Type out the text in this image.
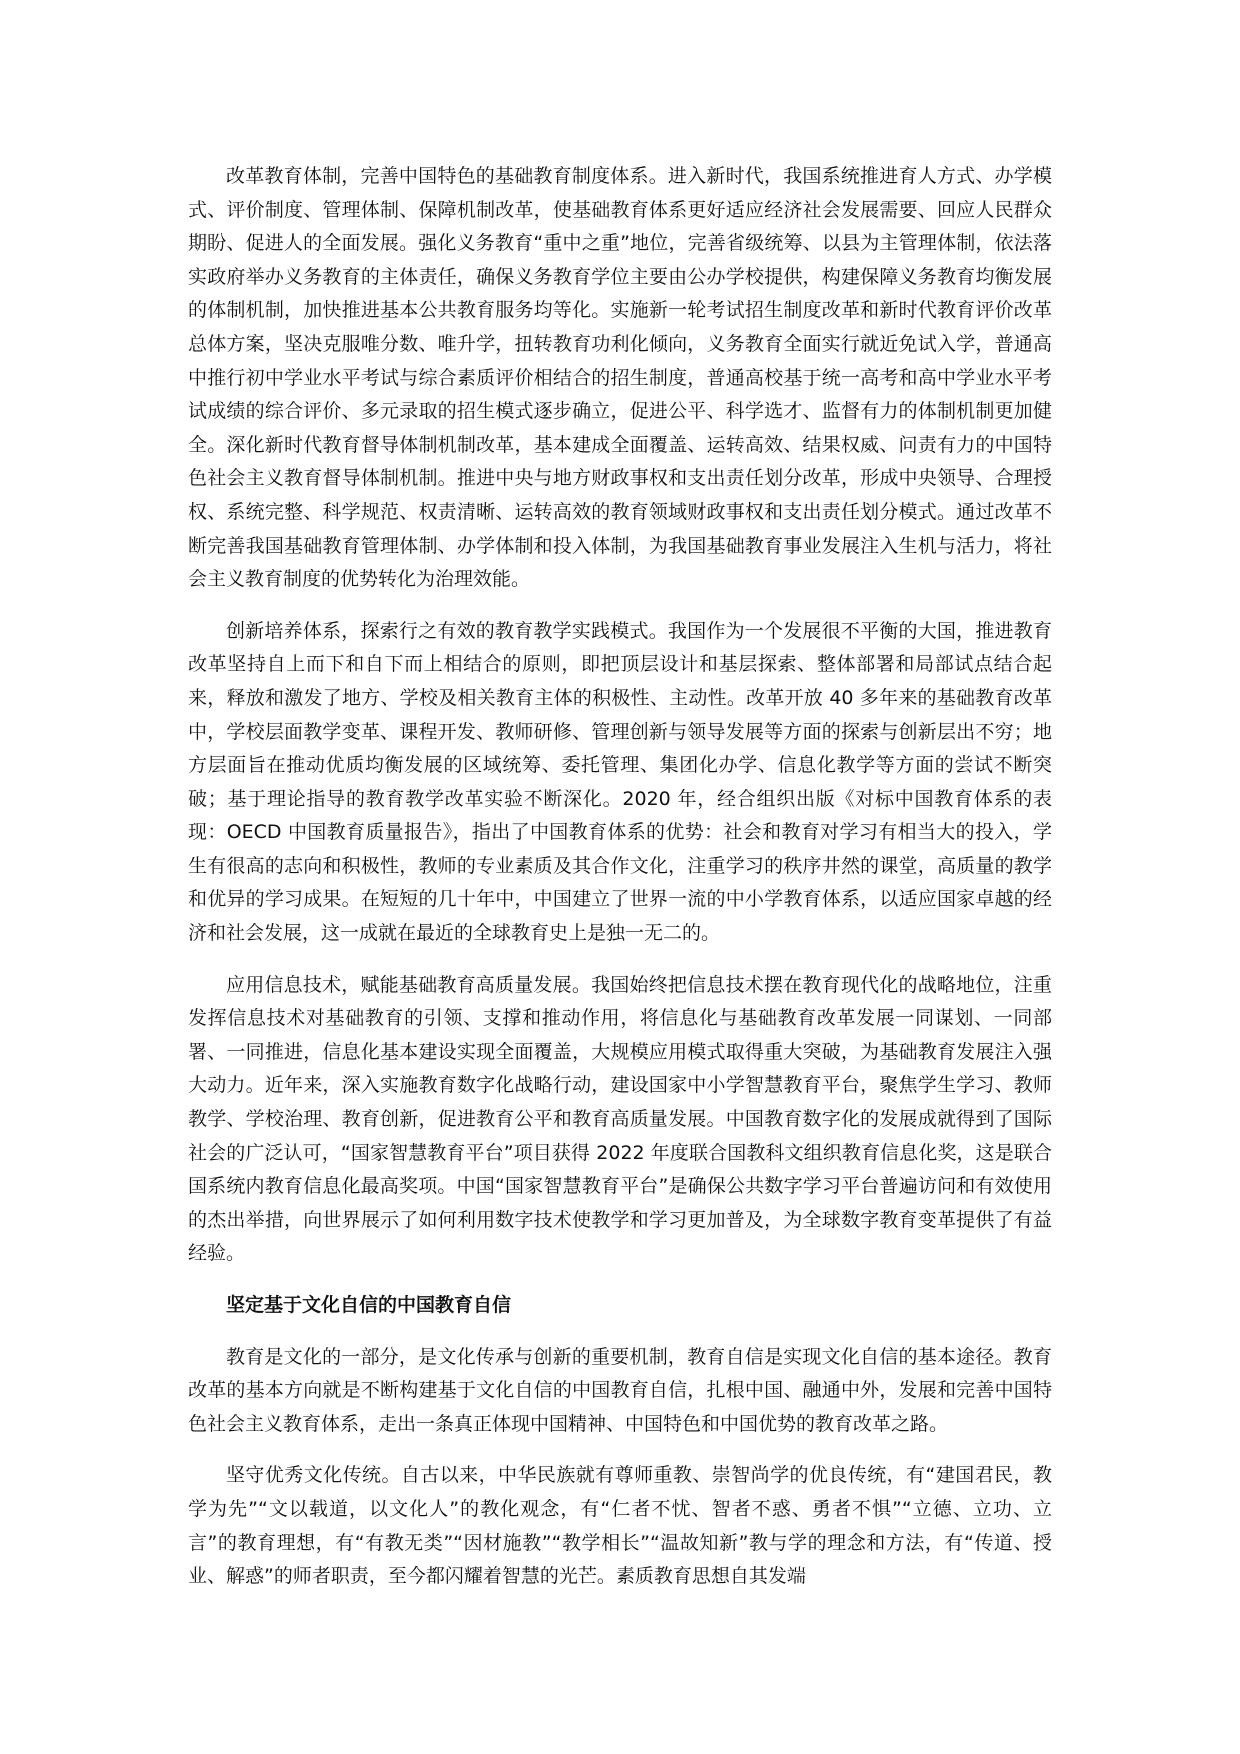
改革教育体制，完善中国特色的基础教育制度体系。进入新时代，我国系统推进育人方式、办学模式、评价制度、管理体制、保障机制改革，使基础教育体系更好适应经济社会发展需要、回应人民群众期盼、促进人的全面发展。强化义务教育“重中之重”地位，完善省级统筹、以县为主管理体制，依法落实政府举办义务教育的主体责任，确保义务教育学位主要由公办学校提供，构建保障义务教育均衡发展的体制机制，加快推进基本公共教育服务均等化。实施新一轮考试招生制度改革和新时代教育评价改革总体方案，坚决克服唯分数、唯升学，扭转教育功利化倾向，义务教育全面实行就近免试入学，普通高中推行初中学业水平考试与综合素质评价相结合的招生制度，普通高校基于统一高考和高中学业水平考试成绩的综合评价、多元录取的招生模式逐步确立，促进公平、科学选才、监督有力的体制机制更加健全。深化新时代教育督导体制机制改革，基本建成全面覆盖、运转高效、结果权威、问责有力的中国特色社会主义教育督导体制机制。推进中央与地方财政事权和支出责任划分改革，形成中央领导、合理授权、系统完整、科学规范、权责清晰、运转高效的教育领域财政事权和支出责任划分模式。通过改革不断完善我国基础教育管理体制、办学体制和投入体制，为我国基础教育事业发展注入生机与活力，将社会主义教育制度的优势转化为治理效能。

创新培养体系，探索行之有效的教育教学实践模式。我国作为一个发展很不平衡的大国，推进教育改革坚持自上而下和自下而上相结合的原则，即把顶层设计和基层探索、整体部署和局部试点结合起来，释放和激发了地方、学校及相关教育主体的积极性、主动性。改革开放 40 多年来的基础教育改革中，学校层面教学变革、课程开发、教师研修、管理创新与领导发展等方面的探索与创新层出不穷；地方层面旨在推动优质均衡发展的区域统筹、委托管理、集团化办学、信息化教学等方面的尝试不断突破；基于理论指导的教育教学改革实验不断深化。2020 年，经合组织出版《对标中国教育体系的表现：OECD 中国教育质量报告》，指出了中国教育体系的优势：社会和教育对学习有相当大的投入，学生有很高的志向和积极性，教师的专业素质及其合作文化，注重学习的秩序井然的课堂，高质量的教学和优异的学习成果。在短短的几十年中，中国建立了世界一流的中小学教育体系，以适应国家卓越的经济和社会发展，这一成就在最近的全球教育史上是独一无二的。

应用信息技术，赋能基础教育高质量发展。我国始终把信息技术摆在教育现代化的战略地位，注重发挥信息技术对基础教育的引领、支撑和推动作用，将信息化与基础教育改革发展一同谋划、一同部署、一同推进，信息化基本建设实现全面覆盖，大规模应用模式取得重大突破，为基础教育发展注入强大动力。近年来，深入实施教育数字化战略行动，建设国家中小学智慧教育平台，聚焦学生学习、教师教学、学校治理、教育创新，促进教育公平和教育高质量发展。中国教育数字化的发展成就得到了国际社会的广泛认可，“国家智慧教育平台”项目获得 2022 年度联合国教科文组织教育信息化奖，这是联合国系统内教育信息化最高奖项。中国“国家智慧教育平台”是确保公共数字学习平台普遍访问和有效使用的杰出举措，向世界展示了如何利用数字技术使教学和学习更加普及，为全球数字教育变革提供了有益经验。

坚定基于文化自信的中国教育自信

教育是文化的一部分，是文化传承与创新的重要机制，教育自信是实现文化自信的基本途径。教育改革的基本方向就是不断构建基于文化自信的中国教育自信，扎根中国、融通中外，发展和完善中国特色社会主义教育体系，走出一条真正体现中国精神、中国特色和中国优势的教育改革之路。

坚守优秀文化传统。自古以来，中华民族就有尊师重教、崇智尚学的优良传统，有“建国君民，教学为先”“文以载道，以文化人”的教化观念，有“仁者不忧、智者不惑、勇者不惧”“立德、立功、立言”的教育理想，有“有教无类”“因材施教”“教学相长”“温故知新”教与学的理念和方法，有“传道、授业、解惑”的师者职责，至今都闪耀着智慧的光芒。素质教育思想自其发端
